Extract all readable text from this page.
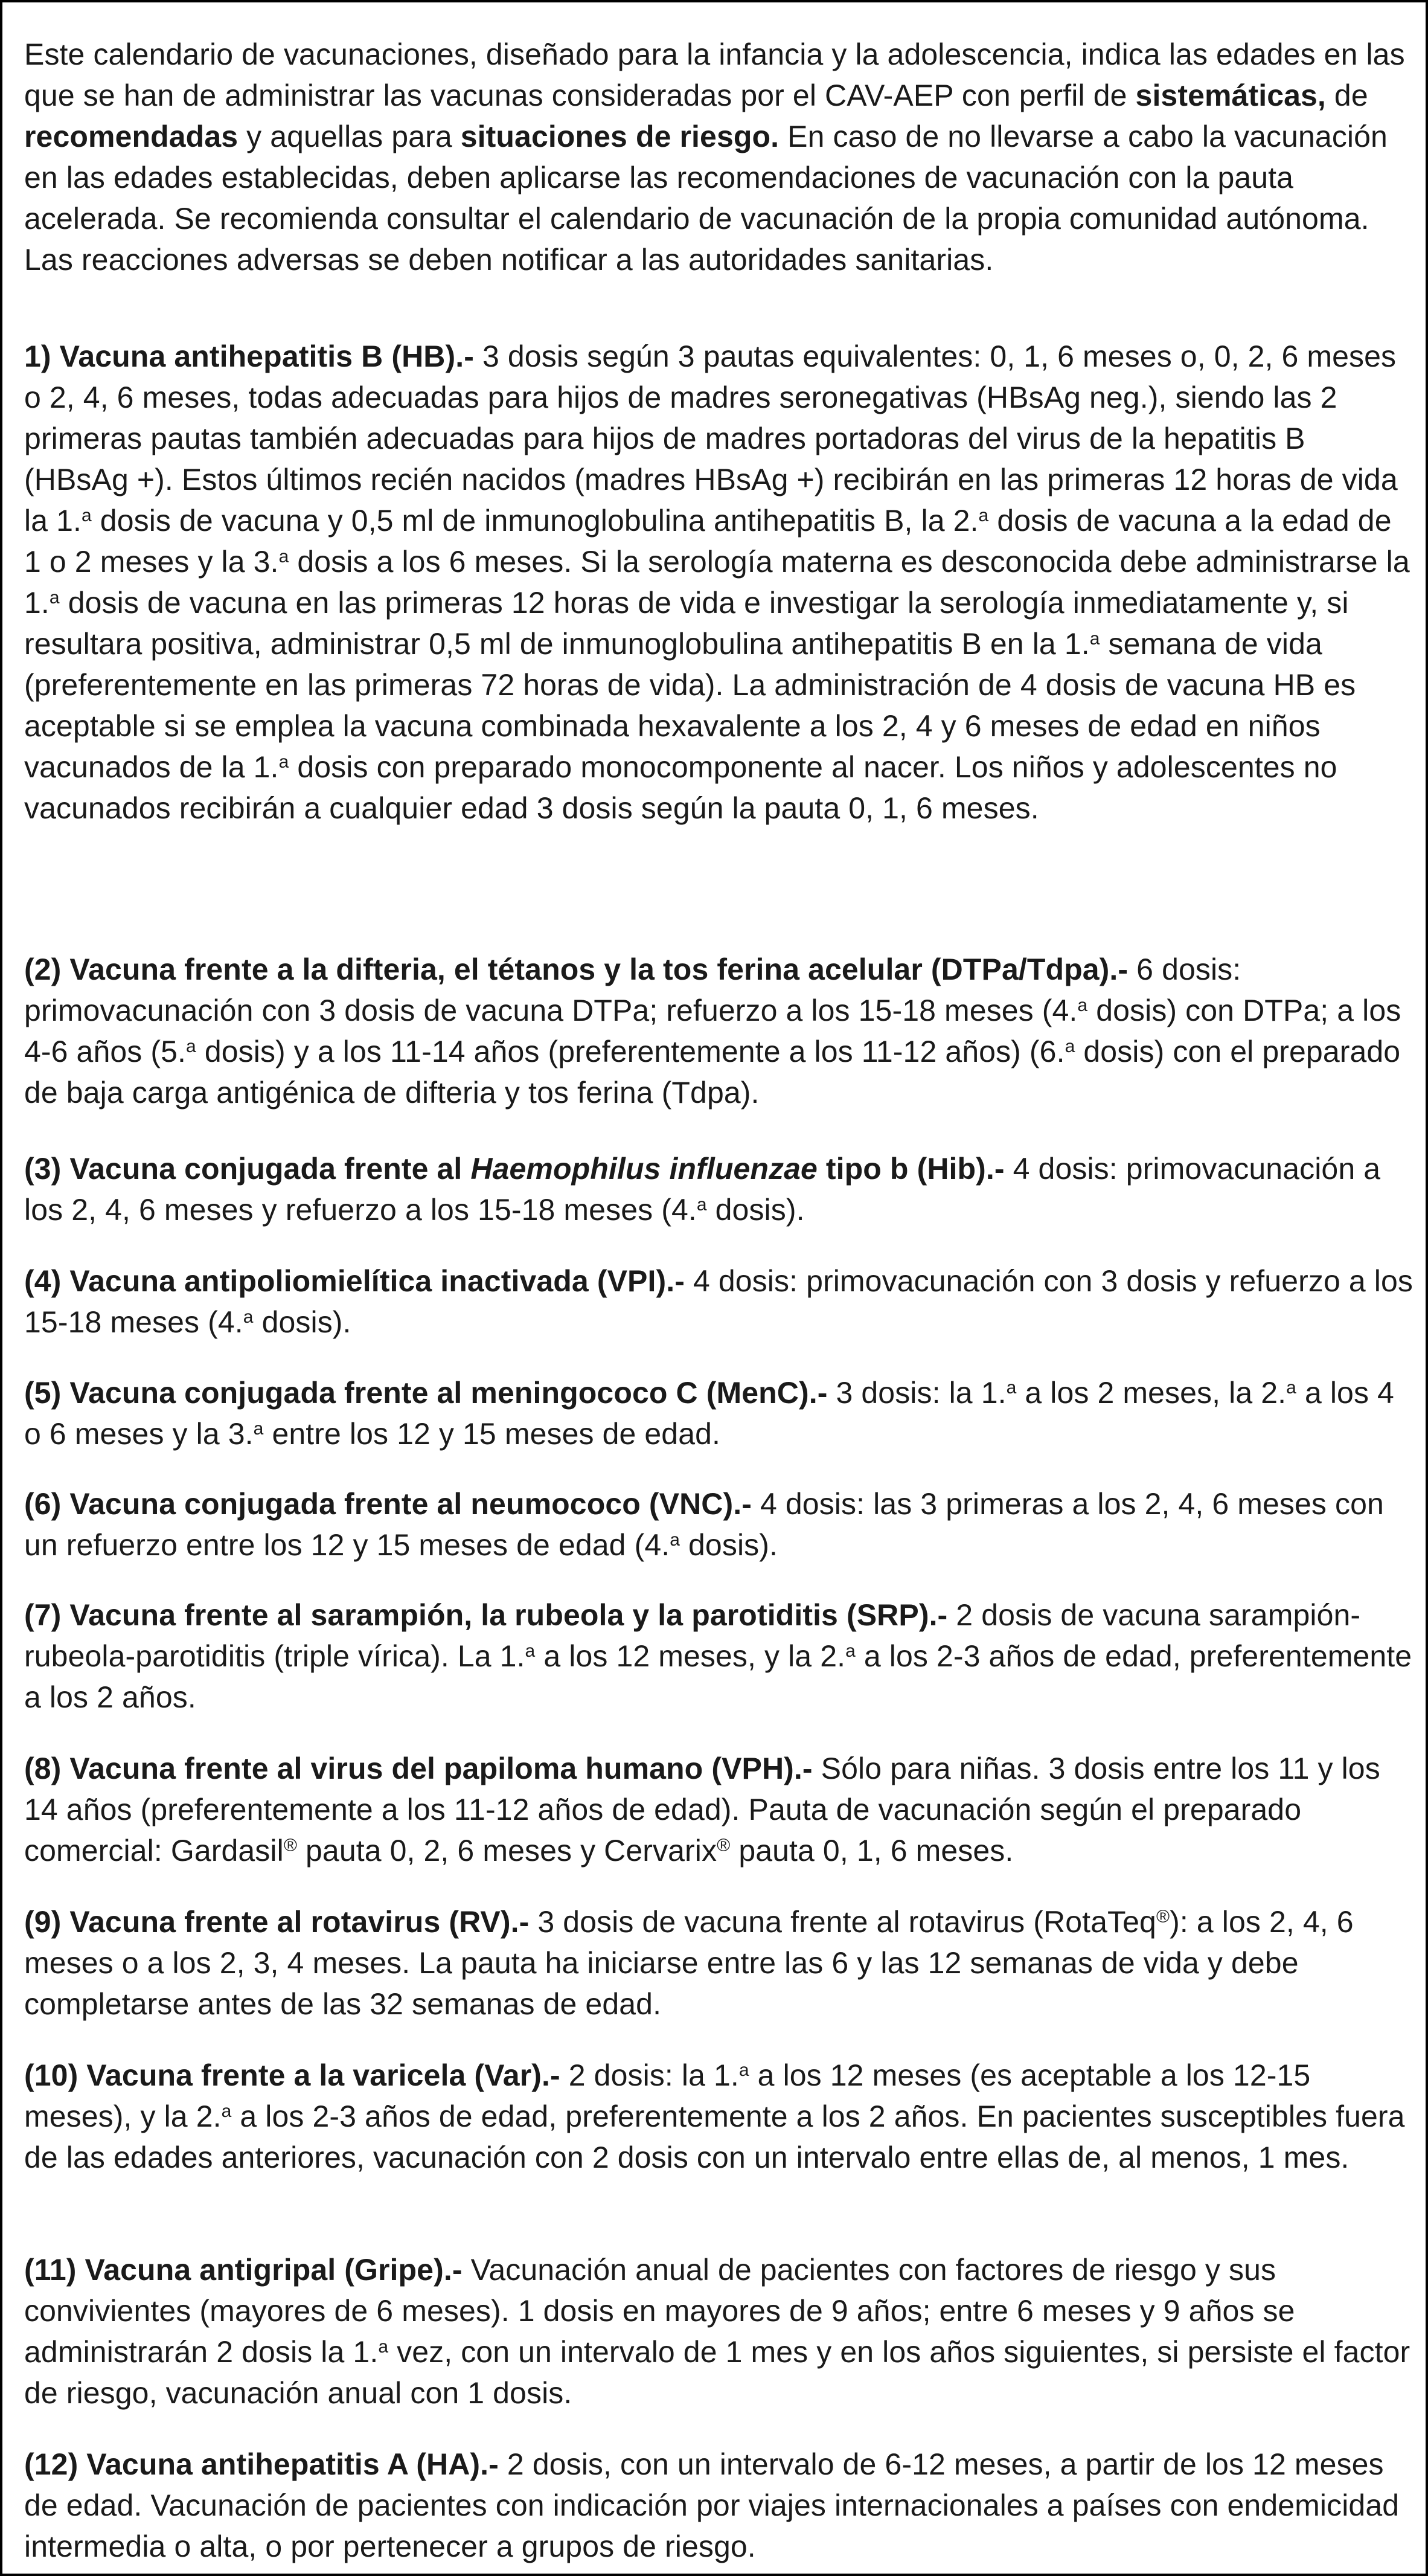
Este calendario de vacunaciones, diseñado para la infancia y la adolescencia, indica las edades en las que se han de administrar las vacunas consideradas por el CAV-AEP con perfil de sistemáticas, de recomendadas y aquellas para situaciones de riesgo. En caso de no llevarse a cabo la vacunación en las edades establecidas, deben aplicarse las recomendaciones de vacunación con la pauta acelerada. Se recomienda consultar el calendario de vacunación de la propia comunidad autónoma. Las reacciones adversas se deben notificar a las autoridades sanitarias.

1) Vacuna antihepatitis B (HB).- 3 dosis según 3 pautas equivalentes: 0, 1, 6 meses o, 0, 2, 6 meses o 2, 4, 6 meses, todas adecuadas para hijos de madres seronegativas (HBsAg neg.), siendo las 2 primeras pautas también adecuadas para hijos de madres portadoras del virus de la hepatitis B (HBsAg +). Estos últimos recién nacidos (madres HBsAg +) recibirán en las primeras 12 horas de vida la 1.$^a$ dosis de vacuna y 0,5 ml de inmunoglobulina antihepatitis B, la 2.$^a$ dosis de vacuna a la edad de 1 o 2 meses y la 3.$^a$ dosis a los 6 meses. Si la serología materna es desconocida debe administrarse la 1.$^a$ dosis de vacuna en las primeras 12 horas de vida e investigar la serología inmediatamente y, si resultara positiva, administrar 0,5 ml de inmunoglobulina antihepatitis B en la 1.$^a$ semana de vida (preferentemente en las primeras 72 horas de vida). La administración de 4 dosis de vacuna HB es aceptable si se emplea la vacuna combinada hexavalente a los 2, 4 y 6 meses de edad en niños vacunados de la 1.$^a$ dosis con preparado monocomponente al nacer. Los niños y adolescentes no vacunados recibirán a cualquier edad 3 dosis según la pauta 0, 1, 6 meses.

(2) Vacuna frente a la difteria, el tétanos y la tos ferina acelular (DTPa/Tdpa).- 6 dosis: primovacunación con 3 dosis de vacuna DTPa; refuerzo a los 15-18 meses (4.$^a$ dosis) con DTPa; a los 4-6 años (5.$^a$ dosis) y a los 11-14 años (preferentemente a los 11-12 años) (6.$^a$ dosis) con el preparado de baja carga antigénica de difteria y tos ferina (Tdpa).

(3) Vacuna conjugada frente al Haemophilus influenzae tipo b (Hib).- 4 dosis: primovacunación a los 2, 4, 6 meses y refuerzo a los 15-18 meses (4.$^a$ dosis).

(4) Vacuna antipoliomielítica inactivada (VPI).- 4 dosis: primovacunación con 3 dosis y refuerzo a los 15-18 meses (4.$^a$ dosis).

(5) Vacuna conjugada frente al meningococo C (MenC).- 3 dosis: la 1.$^a$ a los 2 meses, la 2.$^a$ a los 4 o 6 meses y la 3.$^a$ entre los 12 y 15 meses de edad.

(6) Vacuna conjugada frente al neumococo (VNC).- 4 dosis: las 3 primeras a los 2, 4, 6 meses con un refuerzo entre los 12 y 15 meses de edad (4.$^a$ dosis).

(7) Vacuna frente al sarampión, la rubeola y la parotiditis (SRP).- 2 dosis de vacuna sarampión-rubeola-parotiditis (triple vírica). La 1.$^a$ a los 12 meses, y la 2.$^a$ a los 2-3 años de edad, preferentemente a los 2 años.

(8) Vacuna frente al virus del papiloma humano (VPH).- Sólo para niñas. 3 dosis entre los 11 y los 14 años (preferentemente a los 11-12 años de edad). Pauta de vacunación según el preparado comercial: Gardasil® pauta 0, 2, 6 meses y Cervarix® pauta 0, 1, 6 meses.

(9) Vacuna frente al rotavirus (RV).- 3 dosis de vacuna frente al rotavirus (RotaTeq®): a los 2, 4, 6 meses o a los 2, 3, 4 meses. La pauta ha iniciarse entre las 6 y las 12 semanas de vida y debe completarse antes de las 32 semanas de edad.

(10) Vacuna frente a la varicela (Var).- 2 dosis: la 1.$^a$ a los 12 meses (es aceptable a los 12-15 meses), y la 2.$^a$ a los 2-3 años de edad, preferentemente a los 2 años. En pacientes susceptibles fuera de las edades anteriores, vacunación con 2 dosis con un intervalo entre ellas de, al menos, 1 mes.

(11) Vacuna antigripal (Gripe).- Vacunación anual de pacientes con factores de riesgo y sus convivientes (mayores de 6 meses). 1 dosis en mayores de 9 años; entre 6 meses y 9 años se administrarán 2 dosis la 1.$^a$ vez, con un intervalo de 1 mes y en los años siguientes, si persiste el factor de riesgo, vacunación anual con 1 dosis.

(12) Vacuna antihepatitis A (HA).- 2 dosis, con un intervalo de 6-12 meses, a partir de los 12 meses de edad. Vacunación de pacientes con indicación por viajes internacionales a países con endemicidad intermedia o alta, o por pertenecer a grupos de riesgo.
